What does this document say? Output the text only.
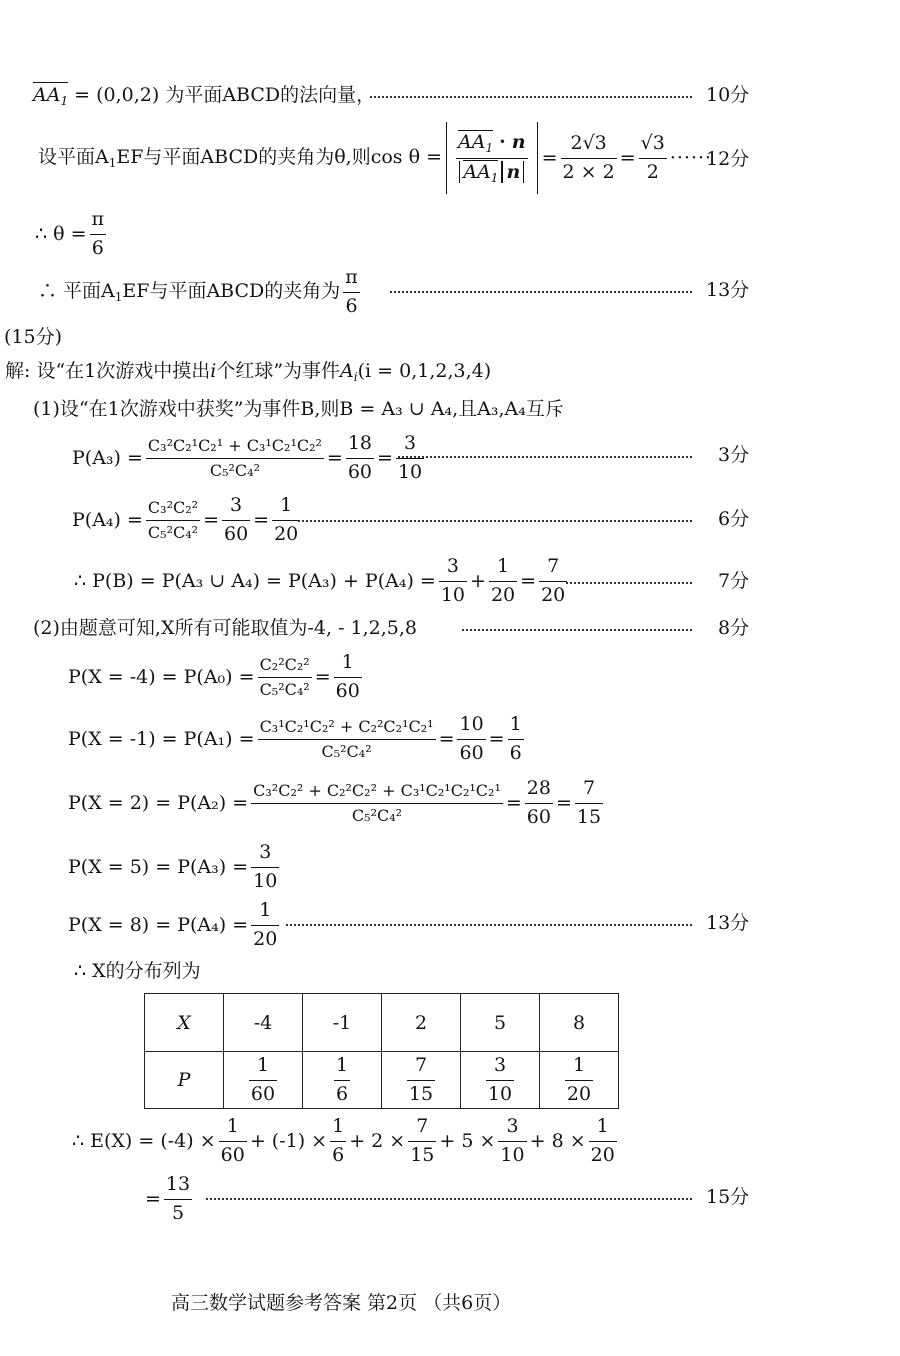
$AA_1 = (0,0,2)$ 为平面ABCD的法向量，	10分
设平面$A_1EF$与平面ABCD的夹角为θ,则$\cos \theta = \frac{AA_1 \cdot n}{AA_1 n} = \frac{2√3}{2 \times 2} = \frac{√3}{2}$ ······
12分
∴ $\theta = \frac{\pi}{6}$
∴ 平面$A_1EF$与平面ABCD的夹角为 $\frac{\pi}{6}$	13分
(15分)
解: 设“在1次游戏中摸出i个红球”为事件$A_i(i = 0,1,2,3,4)$
(1)设“在1次游戏中获奖”为事件B,则B = A₃ ∪ A₄,且A₃,A₄互斥
$P(A_3) = \frac{\text{C₃²C₂¹C₂¹ + C₃¹C₂¹C₂²}}{\text{C₅²C₄²}} = \frac{18}{60} = \frac{3}{10}$	3分
$P(A_4) = \frac{\text{C₃²C₂²}}{\text{C₅²C₄²}} = \frac{3}{60} = \frac{1}{20}$	6分
∴ P(B) = P(A₃ ∪ $A_4) = P(A_3) + P(A_4) = \frac{3}{10} + \frac{1}{20} = \frac{7}{20}$	7分
(2)由题意可知,X所有可能取值为-4, - 1,2,5,8	8分
$P(X = -4) = P(A_0) = \frac{\text{C₂²C₂²}}{\text{C₅²C₄²}} = \frac{1}{60}$
$P(X = -1) = P(A_1) = \frac{\text{C₃¹C₂¹C₂² + C₂²C₂¹C₂¹}}{\text{C₅²C₄²}} = \frac{10}{60} = \frac{1}{6}$
$P(X = 2) = P(A_2) = \frac{\text{C₃²C₂² + C₂²C₂² + C₃¹C₂¹C₂¹C₂¹}}{\text{C₅²C₄²}} = \frac{28}{60} = \frac{7}{15}$
$P(X = 5) = P(A_3) = \frac{3}{10}$
$P(X = 8) = P(A_4) = \frac{1}{20}$	13分
∴ X的分布列为
X	-4	-1	2	5	8
P	$\frac{1}{60}$	$\frac{1}{6}$	$\frac{7}{15}$	$\frac{3}{10}$	$\frac{1}{20}$
∴ $E(X) = (-4) \times \frac{1}{60} + (-1) \times \frac{1}{6} + 2 \times \frac{7}{15} + 5 \times \frac{3}{10} + 8 \times \frac{1}{20}$
= $\frac{13}{5}$	15分
高三数学试题参考答案 第2页 （共6页）
